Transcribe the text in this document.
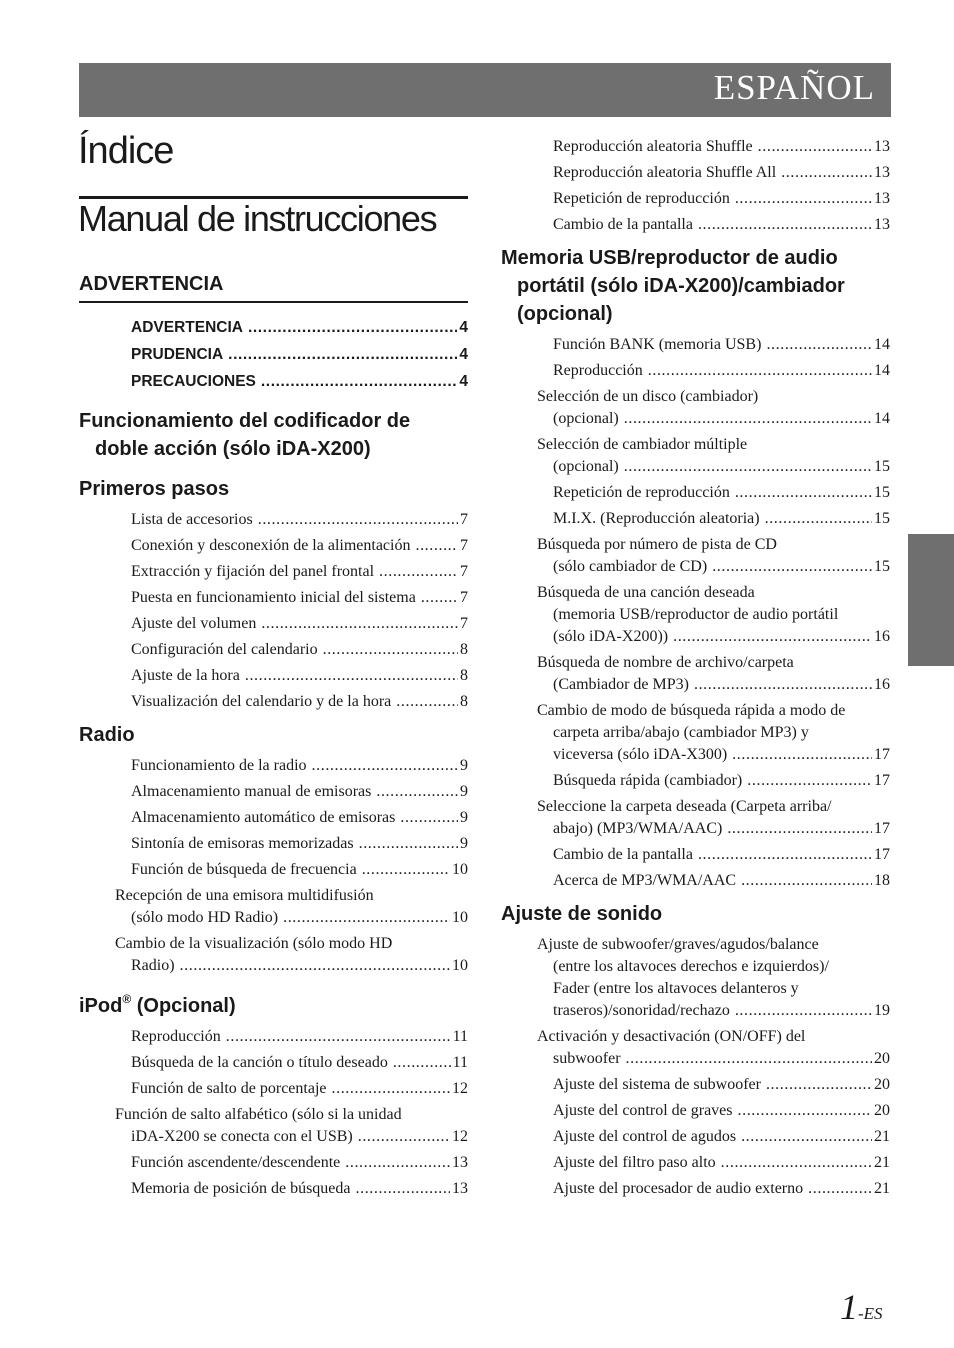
ESPAÑOL
Índice
Manual de instrucciones
ADVERTENCIA
ADVERTENCIA .....	4
PRUDENCIA .....	4
PRECAUCIONES .....	4
Funcionamiento del codificador de doble acción (sólo iDA-X200)
Primeros pasos
Lista de accesorios .....	7
Conexión y desconexión de la alimentación .....	7
Extracción y fijación del panel frontal .....	7
Puesta en funcionamiento inicial del sistema .....	7
Ajuste del volumen .....	7
Configuración del calendario .....	8
Ajuste de la hora .....	8
Visualización del calendario y de la hora .....	8
Radio
Funcionamiento de la radio .....	9
Almacenamiento manual de emisoras .....	9
Almacenamiento automático de emisoras .....	9
Sintonía de emisoras memorizadas .....	9
Función de búsqueda de frecuencia .....	10
Recepción de una emisora multidifusión
(sólo modo HD Radio) .....	10
Cambio de la visualización (sólo modo HD
Radio) .....	10
iPod® (Opcional)
Reproducción .....	11
Búsqueda de la canción o título deseado .....	11
Función de salto de porcentaje .....	12
Función de salto alfabético (sólo si la unidad
iDA-X200 se conecta con el USB) .....	12
Función ascendente/descendente .....	13
Memoria de posición de búsqueda .....	13
Reproducción aleatoria Shuffle .....	13
Reproducción aleatoria Shuffle All .....	13
Repetición de reproducción .....	13
Cambio de la pantalla .....	13
Memoria USB/reproductor de audio portátil (sólo iDA-X200)/cambiador (opcional)
Función BANK (memoria USB) .....	14
Reproducción .....	14
Selección de un disco (cambiador)
(opcional) .....	14
Selección de cambiador múltiple
(opcional) .....	15
Repetición de reproducción .....	15
M.I.X. (Reproducción aleatoria) .....	15
Búsqueda por número de pista de CD
(sólo cambiador de CD) .....	15
Búsqueda de una canción deseada
(memoria USB/reproductor de audio portátil
(sólo iDA-X200)) .....	16
Búsqueda de nombre de archivo/carpeta
(Cambiador de MP3) .....	16
Cambio de modo de búsqueda rápida a modo de
carpeta arriba/abajo (cambiador MP3) y
viceversa (sólo iDA-X300) .....	17
Búsqueda rápida (cambiador) .....	17
Seleccione la carpeta deseada (Carpeta arriba/
abajo) (MP3/WMA/AAC) .....	17
Cambio de la pantalla .....	17
Acerca de MP3/WMA/AAC .....	18
Ajuste de sonido
Ajuste de subwoofer/graves/agudos/balance
(entre los altavoces derechos e izquierdos)/
Fader (entre los altavoces delanteros y
traseros)/sonoridad/rechazo .....	19
Activación y desactivación (ON/OFF) del
subwoofer .....	20
Ajuste del sistema de subwoofer .....	20
Ajuste del control de graves .....	20
Ajuste del control de agudos .....	21
Ajuste del filtro paso alto .....	21
Ajuste del procesador de audio externo .....	21
1-ES
